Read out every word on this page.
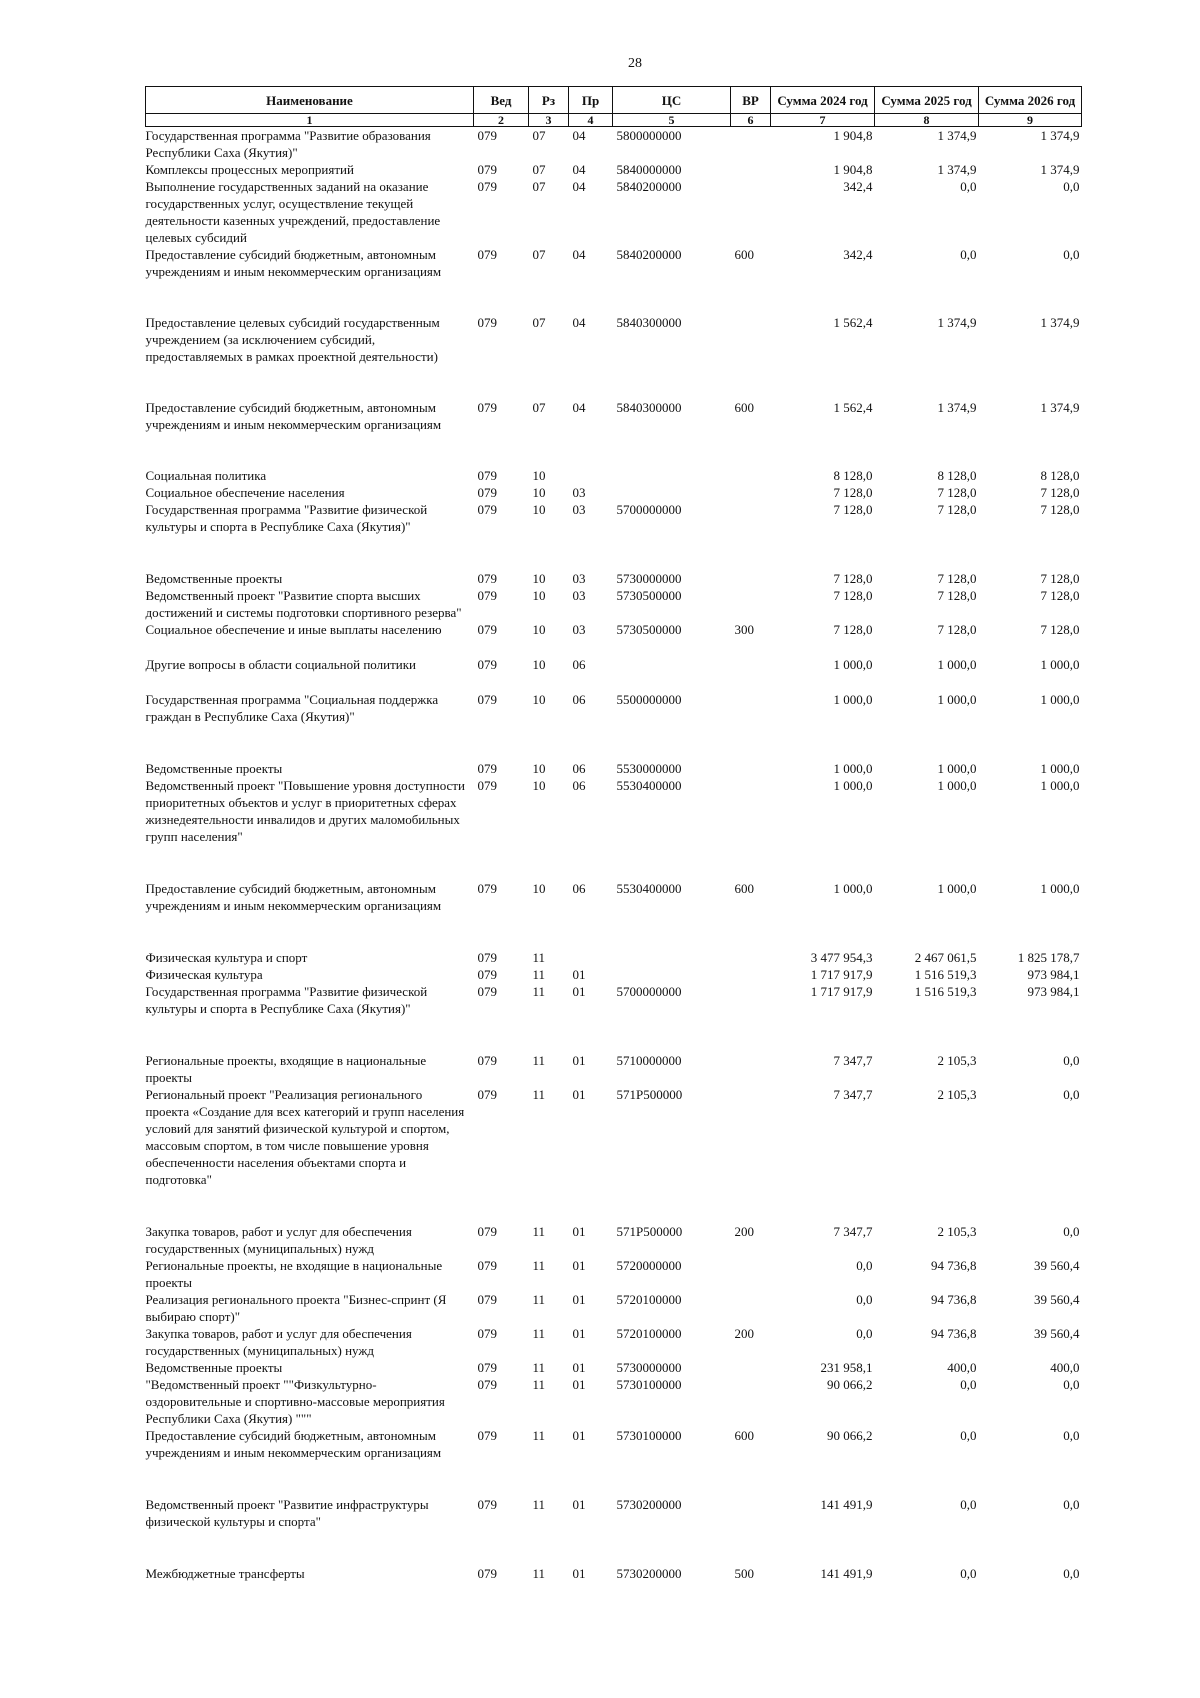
28
Наименование	Вед	Рз	Пр	ЦС	ВР	Сумма 2024 год	Сумма 2025 год	Сумма 2026 год
1	2	3	4	5	6	7	8	9
Государственная программа "Развитие образования Республики Саха (Якутия)"	079	07	04	5800000000		1 904,8	1 374,9	1 374,9
Комплексы процессных мероприятий	079	07	04	5840000000		1 904,8	1 374,9	1 374,9
Выполнение государственных заданий на оказание государственных услуг, осуществление текущей деятельности казенных учреждений, предоставление целевых субсидий	079	07	04	5840200000		342,4	0,0	0,0
Предоставление субсидий бюджетным, автономным учреждениям и иным некоммерческим организациям	079	07	04	5840200000	600	342,4	0,0	0,0
Предоставление целевых субсидий государственным учреждением (за исключением субсидий, предоставляемых в рамках проектной деятельности)	079	07	04	5840300000		1 562,4	1 374,9	1 374,9
Предоставление субсидий бюджетным, автономным учреждениям и иным некоммерческим организациям	079	07	04	5840300000	600	1 562,4	1 374,9	1 374,9
Социальная политика	079	10				8 128,0	8 128,0	8 128,0
Социальное обеспечение населения	079	10	03			7 128,0	7 128,0	7 128,0
Государственная программа "Развитие физической культуры и спорта в Республике Саха (Якутия)"	079	10	03	5700000000		7 128,0	7 128,0	7 128,0
Ведомственные проекты	079	10	03	5730000000		7 128,0	7 128,0	7 128,0
Ведомственный проект "Развитие спорта высших достижений и системы подготовки спортивного резерва"	079	10	03	5730500000		7 128,0	7 128,0	7 128,0
Социальное обеспечение и иные выплаты населению	079	10	03	5730500000	300	7 128,0	7 128,0	7 128,0
Другие вопросы в области социальной политики	079	10	06			1 000,0	1 000,0	1 000,0
Государственная программа "Социальная поддержка граждан в Республике Саха (Якутия)"	079	10	06	5500000000		1 000,0	1 000,0	1 000,0
Ведомственные проекты	079	10	06	5530000000		1 000,0	1 000,0	1 000,0
Ведомственный проект "Повышение уровня доступности приоритетных объектов и услуг в приоритетных сферах жизнедеятельности инвалидов и других маломобильных групп населения"	079	10	06	5530400000		1 000,0	1 000,0	1 000,0
Предоставление субсидий бюджетным, автономным учреждениям и иным некоммерческим организациям	079	10	06	5530400000	600	1 000,0	1 000,0	1 000,0
Физическая культура и спорт	079	11				3 477 954,3	2 467 061,5	1 825 178,7
Физическая культура	079	11	01			1 717 917,9	1 516 519,3	973 984,1
Государственная программа "Развитие физической культуры и спорта в Республике Саха (Якутия)"	079	11	01	5700000000		1 717 917,9	1 516 519,3	973 984,1
Региональные проекты, входящие в национальные проекты	079	11	01	5710000000		7 347,7	2 105,3	0,0
Региональный проект "Реализация регионального проекта «Создание для всех категорий и групп населения условий для занятий физической культурой и спортом, массовым спортом, в том числе повышение уровня обеспеченности населения объектами спорта и подготовка"	079	11	01	571P500000		7 347,7	2 105,3	0,0
Закупка товаров, работ и услуг для обеспечения государственных (муниципальных) нужд	079	11	01	571P500000	200	7 347,7	2 105,3	0,0
Региональные проекты, не входящие в национальные проекты	079	11	01	5720000000		0,0	94 736,8	39 560,4
Реализация регионального проекта "Бизнес-спринт (Я выбираю спорт)"	079	11	01	5720100000		0,0	94 736,8	39 560,4
Закупка товаров, работ и услуг для обеспечения государственных (муниципальных) нужд	079	11	01	5720100000	200	0,0	94 736,8	39 560,4
Ведомственные проекты	079	11	01	5730000000		231 958,1	400,0	400,0
"Ведомственный проект ""Физкультурно-оздоровительные и спортивно-массовые мероприятия Республики Саха (Якутия) """	079	11	01	5730100000		90 066,2	0,0	0,0
Предоставление субсидий бюджетным, автономным учреждениям и иным некоммерческим организациям	079	11	01	5730100000	600	90 066,2	0,0	0,0
Ведомственный проект "Развитие инфраструктуры физической культуры и спорта"	079	11	01	5730200000		141 491,9	0,0	0,0
Межбюджетные трансферты	079	11	01	5730200000	500	141 491,9	0,0	0,0
